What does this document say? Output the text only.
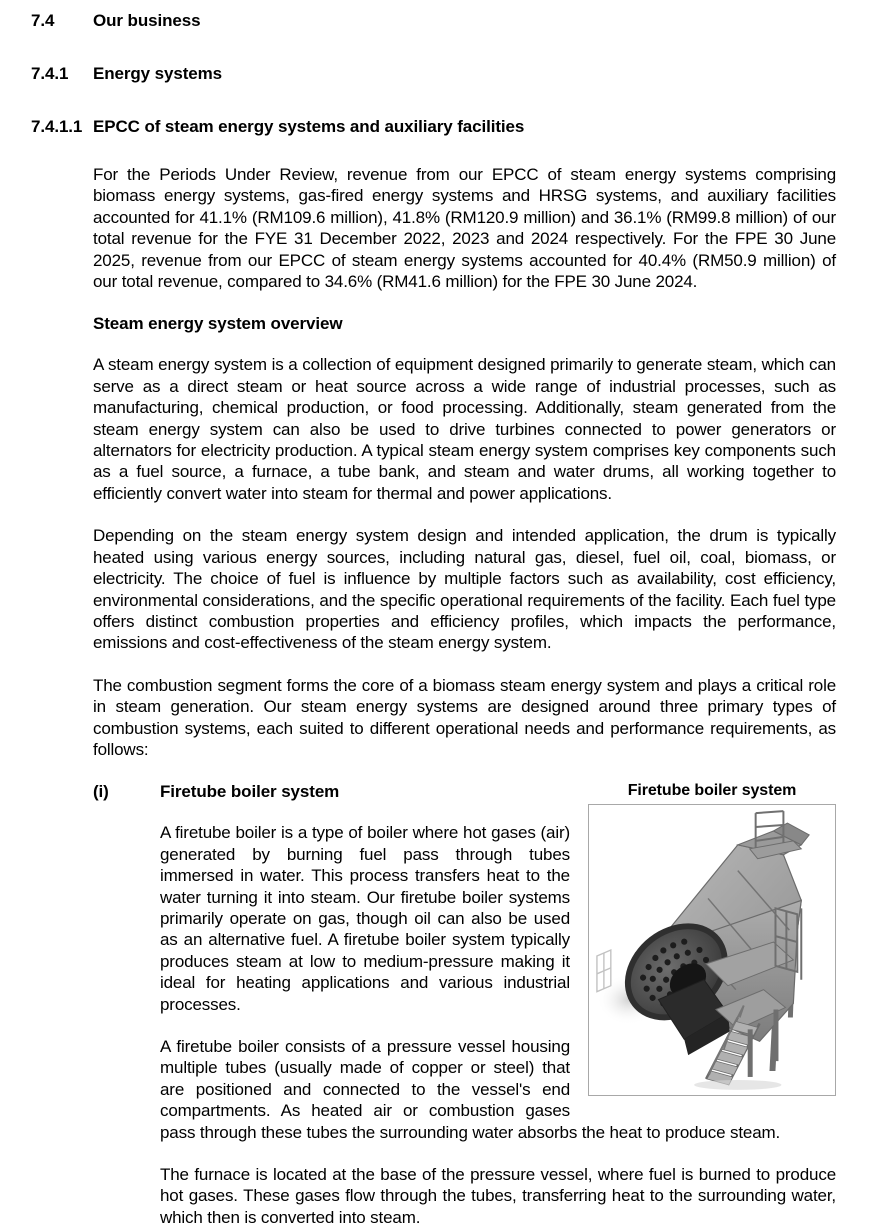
7.4	Our business
7.4.1	Energy systems
7.4.1.1 EPCC of steam energy systems and auxiliary facilities

For the Periods Under Review, revenue from our EPCC of steam energy systems comprising biomass energy systems, gas-fired energy systems and HRSG systems, and auxiliary facilities accounted for 41.1% (RM109.6 million), 41.8% (RM120.9 million) and 36.1% (RM99.8 million) of our total revenue for the FYE 31 December 2022, 2023 and 2024 respectively. For the FPE 30 June 2025, revenue from our EPCC of steam energy systems accounted for 40.4% (RM50.9 million) of our total revenue, compared to 34.6% (RM41.6 million) for the FPE 30 June 2024.

Steam energy system overview

A steam energy system is a collection of equipment designed primarily to generate steam, which can serve as a direct steam or heat source across a wide range of industrial processes, such as manufacturing, chemical production, or food processing. Additionally, steam generated from the steam energy system can also be used to drive turbines connected to power generators or alternators for electricity production. A typical steam energy system comprises key components such as a fuel source, a furnace, a tube bank, and steam and water drums, all working together to efficiently convert water into steam for thermal and power applications.

Depending on the steam energy system design and intended application, the drum is typically heated using various energy sources, including natural gas, diesel, fuel oil, coal, biomass, or electricity. The choice of fuel is influence by multiple factors such as availability, cost efficiency, environmental considerations, and the specific operational requirements of the facility. Each fuel type offers distinct combustion properties and efficiency profiles, which impacts the performance, emissions and cost-effectiveness of the steam energy system.

The combustion segment forms the core of a biomass steam energy system and plays a critical role in steam generation. Our steam energy systems are designed around three primary types of combustion systems, each suited to different operational needs and performance requirements, as follows:

Firetube boiler system
(i)	Firetube boiler system

A firetube boiler is a type of boiler where hot gases (air) generated by burning fuel pass through tubes immersed in water. This process transfers heat to the water turning it into steam. Our firetube boiler systems primarily operate on gas, though oil can also be used as an alternative fuel. A firetube boiler system typically produces steam at low to medium-pressure making it ideal for heating applications and various industrial processes.

A firetube boiler consists of a pressure vessel housing multiple tubes (usually made of copper or steel) that are positioned and connected to the vessel's end compartments. As heated air or combustion gases pass through these tubes the surrounding water absorbs the heat to produce steam.

The furnace is located at the base of the pressure vessel, where fuel is burned to produce hot gases. These gases flow through the tubes, transferring heat to the surrounding water, which then is converted into steam.
